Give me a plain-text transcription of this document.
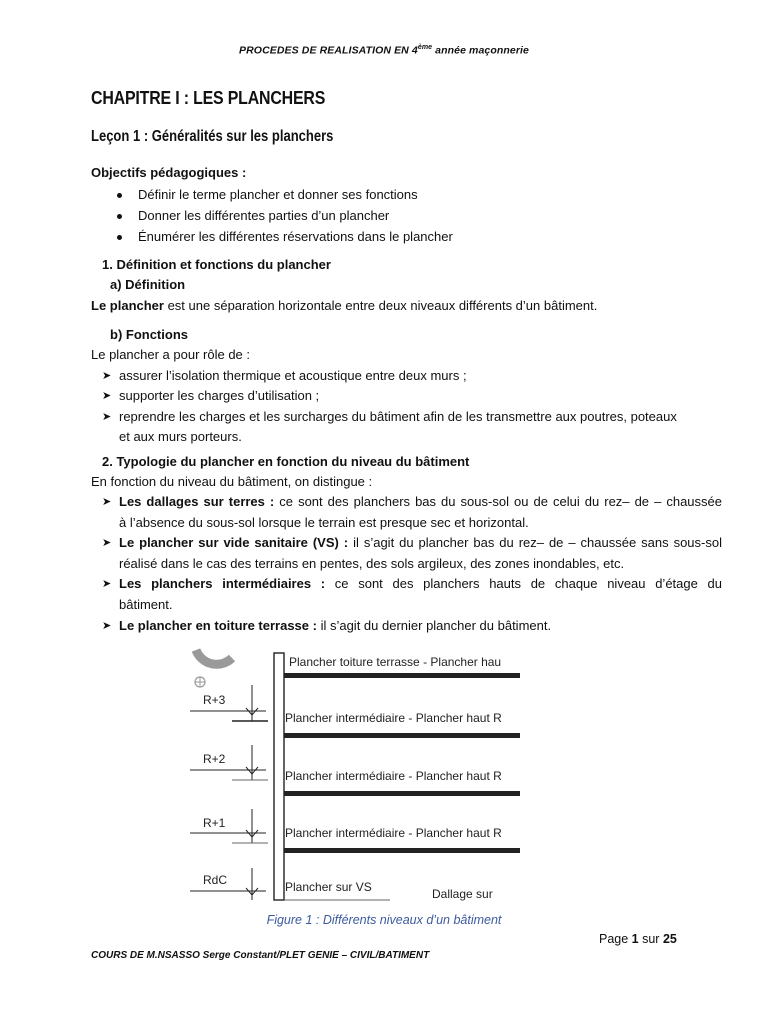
PROCEDES DE REALISATION EN 4ème année maçonnerie
CHAPITRE I : LES PLANCHERS
Leçon 1 : Généralités sur les planchers
Objectifs pédagogiques :
Définir le terme plancher et donner ses fonctions
Donner les différentes parties d’un plancher
Énumérer les différentes réservations dans le plancher
1. Définition et fonctions du plancher
a) Définition
Le plancher est une séparation horizontale entre deux niveaux différents d’un bâtiment.
b) Fonctions
Le plancher a pour rôle de :
➤ assurer l’isolation thermique et acoustique entre deux murs ;
➤ supporter les charges d’utilisation ;
➤ reprendre les charges et les surcharges du bâtiment afin de les transmettre aux poutres, poteaux
et aux murs porteurs.
2. Typologie du plancher en fonction du niveau du bâtiment
En fonction du niveau du bâtiment, on distingue :
➤ Les dallages sur terres : ce sont des planchers bas du sous-sol ou de celui du rez– de – chaussée
à l’absence du sous-sol lorsque le terrain est presque sec et horizontal.
➤ Le plancher sur vide sanitaire (VS) : il s’agit du plancher bas du rez– de – chaussée sans sous-sol
réalisé dans le cas des terrains en pentes, des sols argileux, des zones inondables, etc.
➤ Les planchers intermédiaires : ce sont des planchers hauts de chaque niveau d’étage du
bâtiment.
➤ Le plancher en toiture terrasse : il s’agit du dernier plancher du bâtiment.
Plancher toiture terrasse - Plancher hau
Plancher intermédiaire - Plancher haut R
Plancher intermédiaire - Plancher haut R
Plancher intermédiaire - Plancher haut R
Plancher sur VS	Dallage sur
R+3
R+2
R+1
RdC
Figure 1 : Différents niveaux d’un bâtiment
Page 1 sur 25
COURS DE M.NSASSO Serge Constant/PLET GENIE – CIVIL/BATIMENT
